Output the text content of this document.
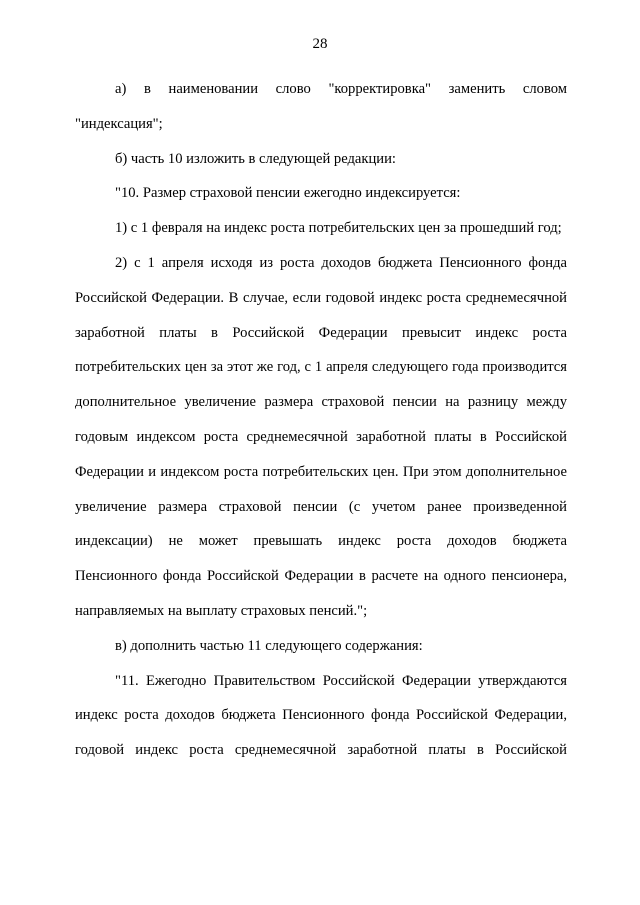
28

а) в наименовании слово "корректировка" заменить словом "индексация";

б) часть 10 изложить в следующей редакции:

"10. Размер страховой пенсии ежегодно индексируется:

1) с 1 февраля на индекс роста потребительских цен за прошедший год;

2) с 1 апреля исходя из роста доходов бюджета Пенсионного фонда Российской Федерации. В случае, если годовой индекс роста среднемесячной заработной платы в Российской Федерации превысит индекс роста потребительских цен за этот же год, с 1 апреля следующего года производится дополнительное увеличение размера страховой пенсии на разницу между годовым индексом роста среднемесячной заработной платы в Российской Федерации и индексом роста потребительских цен. При этом дополнительное увеличение размера страховой пенсии (с учетом ранее произведенной индексации) не может превышать индекс роста доходов бюджета Пенсионного фонда Российской Федерации в расчете на одного пенсионера, направляемых на выплату страховых пенсий.";

в) дополнить частью 11 следующего содержания:

"11. Ежегодно Правительством Российской Федерации утверждаются индекс роста доходов бюджета Пенсионного фонда Российской Федерации, годовой индекс роста среднемесячной заработной платы в Российской
